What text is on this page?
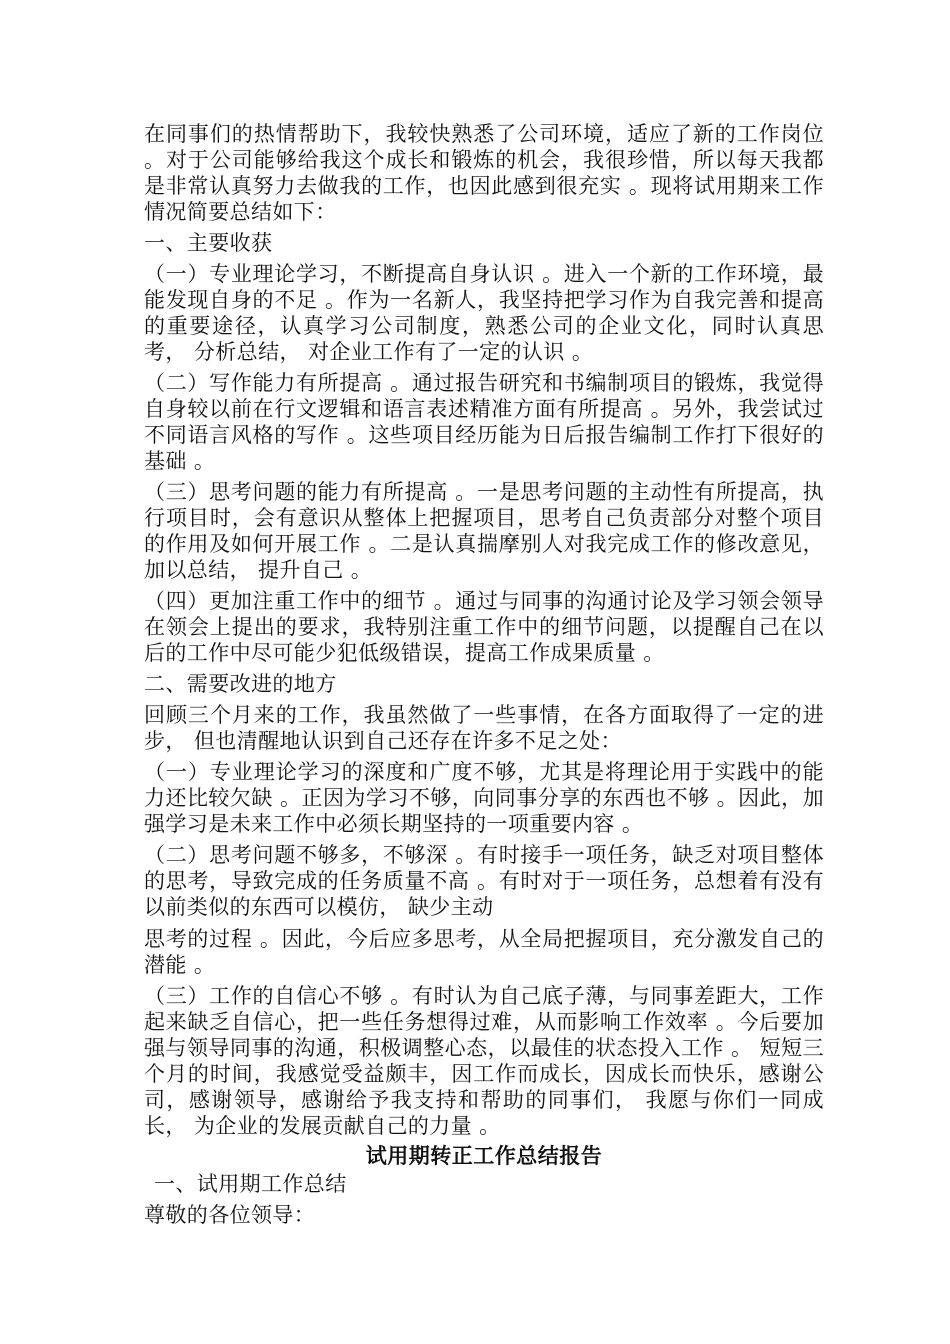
在同事们的热情帮助下，我较快熟悉了公司环境，适应了新的工作岗位 。对于公司能够给我这个成长和锻炼的机会，我很珍惜，所以每天我都是非常认真努力去做我的工作，也因此感到很充实 。现将试用期来工作情况简要总结如下：

一、主要收获

（一）专业理论学习，不断提高自身认识 。进入一个新的工作环境，最能发现自身的不足 。作为一名新人，我坚持把学习作为自我完善和提高的重要途径，认真学习公司制度，熟悉公司的企业文化，同时认真思考， 分析总结， 对企业工作有了一定的认识 。

（二）写作能力有所提高 。通过报告研究和书编制项目的锻炼，我觉得自身较以前在行文逻辑和语言表述精准方面有所提高 。另外，我尝试过不同语言风格的写作 。这些项目经历能为日后报告编制工作打下很好的基础 。

（三）思考问题的能力有所提高 。一是思考问题的主动性有所提高，执行项目时，会有意识从整体上把握项目，思考自己负责部分对整个项目的作用及如何开展工作 。二是认真揣摩别人对我完成工作的修改意见， 加以总结， 提升自己 。

（四）更加注重工作中的细节 。通过与同事的沟通讨论及学习领会领导在领会上提出的要求，我特别注重工作中的细节问题，以提醒自己在以后的工作中尽可能少犯低级错误，提高工作成果质量 。

二、需要改进的地方

回顾三个月来的工作，我虽然做了一些事情，在各方面取得了一定的进步， 但也清醒地认识到自己还存在许多不足之处：

（一）专业理论学习的深度和广度不够，尤其是将理论用于实践中的能力还比较欠缺 。正因为学习不够，向同事分享的东西也不够 。因此，加强学习是未来工作中必须长期坚持的一项重要内容 。

（二）思考问题不够多，不够深 。有时接手一项任务，缺乏对项目整体的思考，导致完成的任务质量不高 。有时对于一项任务，总想着有没有以前类似的东西可以模仿， 缺少主动

思考的过程 。因此，今后应多思考，从全局把握项目，充分激发自己的潜能 。

（三）工作的自信心不够 。有时认为自己底子薄，与同事差距大，工作起来缺乏自信心，把一些任务想得过难，从而影响工作效率 。今后要加强与领导同事的沟通，积极调整心态，以最佳的状态投入工作 。 短短三个月的时间，我感觉受益颇丰，因工作而成长，因成长而快乐，感谢公司，感谢领导，感谢给予我支持和帮助的同事们， 我愿与你们一同成长， 为企业的发展贡献自己的力量 。

试用期转正工作总结报告

一、试用期工作总结

尊敬的各位领导：
